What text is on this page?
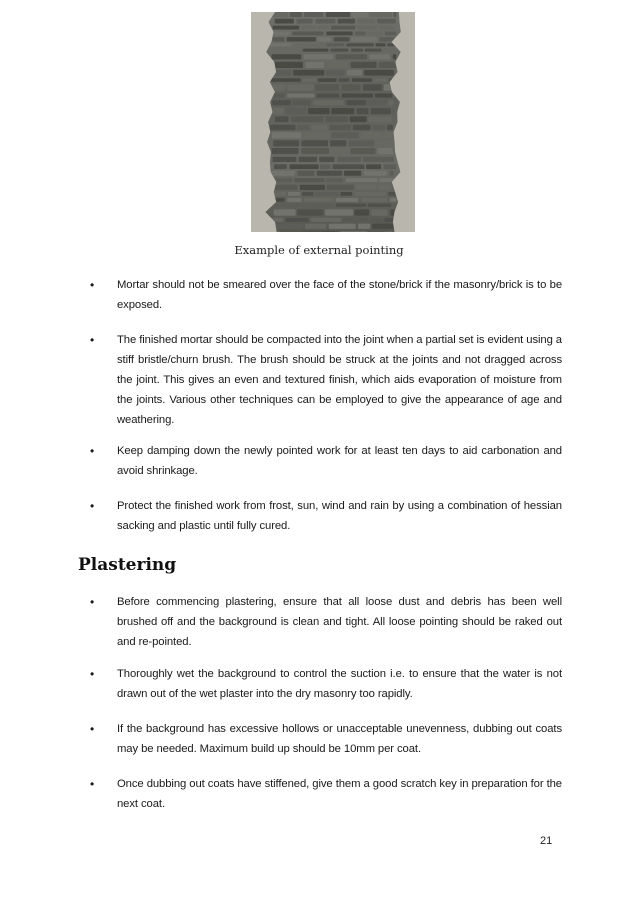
Example of external pointing
•	Mortar should not be smeared over the face of the stone/brick if the masonry/brick is to be exposed.
•	The finished mortar should be compacted into the joint when a partial set is evident using a stiff bristle/churn brush. The brush should be struck at the joints and not dragged across the joint. This gives an even and textured finish, which aids evaporation of moisture from the joints. Various other techniques can be employed to give the appearance of age and weathering.
•	Keep damping down the newly pointed work for at least ten days to aid carbonation and avoid shrinkage.
•	Protect the finished work from frost, sun, wind and rain by using a combination of hessian sacking and plastic until fully cured.
Plastering
•	Before commencing plastering, ensure that all loose dust and debris has been well brushed off and the background is clean and tight. All loose pointing should be raked out and re-pointed.
•	Thoroughly wet the background to control the suction i.e. to ensure that the water is not drawn out of the wet plaster into the dry masonry too rapidly.
•	If the background has excessive hollows or unacceptable unevenness, dubbing out coats may be needed. Maximum build up should be 10mm per coat.
•	Once dubbing out coats have stiffened, give them a good scratch key in preparation for the next coat.
21
